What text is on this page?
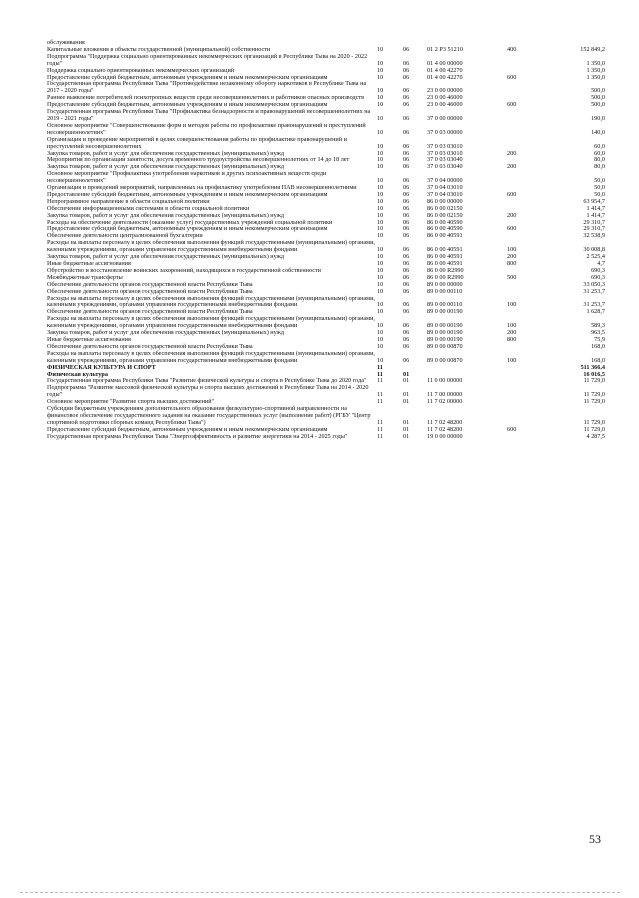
обслуживания					
Капитальные вложения в объекты государственной (муниципальной) собственности	10	06	01 2 Р3 51210	400	152 849,2
Подпрограмма "Поддержка социально ориентированных некоммерческих организаций в Республике Тыва на 2020 - 2022 годы"	10	06	01 4 00 00000		1 350,0
Поддержка социально ориентированных некоммерческих организаций	10	06	01 4 00 42270		1 350,0
Предоставление субсидий бюджетным, автономным учреждениям и иным некоммерческим организациям	10	06	01 4 00 42270	600	1 350,0
Государственная программа Республики Тыва "Противодействие незаконному обороту наркотиков в Республике Тыва на 2017 - 2020 годы"	10	06	23 0 00 00000		500,0
Раннее выявление потребителей психотропных веществ среди несовершеннолетних и работников опасных производств	10	06	23 0 00 46000		500,0
Предоставление субсидий бюджетным, автономным учреждениям и иным некоммерческим организациям	10	06	23 0 00 46000	600	500,0
Государственная программа Республики Тыва "Профилактика безнадзорности и правонарушений несовершеннолетних на 2019 - 2021 годы"	10	06	37 0 00 00000		190,0
Основное мероприятие "Совершенствование форм и методов работы по профилактике правонарушений и преступлений несовершеннолетних"	10	06	37 0 03 00000		140,0
Организация и проведение мероприятий в целях совершенствования работы по профилактике правонарушений и преступлений несовершеннолетних	10	06	37 0 03 03010		60,0
Закупка товаров, работ и услуг для обеспечения государственных (муниципальных) нужд	10	06	37 0 03 03010	200	60,0
Мероприятия по организации занятости, досуга временного трудоустройства несовершеннолетних от 14 до 18 лет	10	06	37 0 03 03040		80,0
Закупка товаров, работ и услуг для обеспечения государственных (муниципальных) нужд	10	06	37 0 03 03040	200	80,0
Основное мероприятие "Профилактика употребления наркотиков и других психоактивных веществ среди несовершеннолетних"	10	06	37 0 04 00000		50,0
Организация и проведений мероприятий, направленных на профилактику употребления ПАВ несовершеннолетними	10	06	37 0 04 03010		50,0
Предоставление субсидий бюджетным, автономным учреждениям и иным некоммерческим организациям	10	06	37 0 04 03010	600	50,0
Непрограммное направление в области социальной политики	10	06	86 0 00 00000		63 954,7
Обеспечение информационными системами в области социальной политики	10	06	86 0 00 02150		1 414,7
Закупка товаров, работ и услуг для обеспечения государственных (муниципальных) нужд	10	06	86 0 00 02150	200	1 414,7
Расходы на обеспечение деятельности (оказание услуг) государственных учреждений социальной политики	10	06	86 0 00 40590		29 310,7
Предоставление субсидий бюджетным, автономным учреждениям и иным некоммерческим организациям	10	06	86 0 00 40590	600	29 310,7
Обеспечение деятельности централизованной бухгалтерии	10	06	86 0 00 40591		32 538,9
Расходы на выплаты персоналу в целях обеспечения выполнения функций государственными (муниципальными) органами, казенными учреждениями, органами управления государственными внебюджетными фондами	10	06	86 0 00 40591	100	30 008,8
Закупка товаров, работ и услуг для обеспечения государственных (муниципальных) нужд	10	06	86 0 00 40591	200	2 525,4
Иные бюджетные ассигнования	10	06	86 0 00 40591	800	4,7
Обустройство и восстановление воинских захоронений, находящихся в государственной собственности	10	06	86 0 00 R2990		690,3
Межбюджетные трансферты	10	06	86 0 00 R2990	500	690,3
Обеспечение деятельности органов государственной власти Республики Тыва	10	06	89 0 00 00000		33 050,3
Обеспечение деятельности органов государственной власти Республики Тыва	10	06	89 0 00 00110		31 253,7
Расходы на выплаты персоналу в целях обеспечения выполнения функций государственными (муниципальными) органами, казенными учреждениями, органами управления государственными внебюджетными фондами	10	06	89 0 00 00110	100	31 253,7
Обеспечение деятельности органов государственной власти Республики Тыва	10	06	89 0 00 00190		1 628,7
Расходы на выплаты персоналу в целях обеспечения выполнения функций государственными (муниципальными) органами, казенными учреждениями, органами управления государственными внебюджетными фондами	10	06	89 0 00 00190	100	589,3
Закупка товаров, работ и услуг для обеспечения государственных (муниципальных) нужд	10	06	89 0 00 00190	200	963,5
Иные бюджетные ассигнования	10	06	89 0 00 00190	800	75,9
Обеспечение деятельности органов государственной власти Республики Тыва	10	06	89 0 00 00870		168,0
Расходы на выплаты персоналу в целях обеспечения выполнения функций государственными (муниципальными) органами, казенными учреждениями, органами управления государственными внебюджетными фондами	10	06	89 0 00 00870	100	168,0
ФИЗИЧЕСКАЯ КУЛЬТУРА И СПОРТ	11				511 366,4
Физическая культура	11	01			16 016,5
Государственная программа Республики Тыва "Развитие физической культуры и спорта в Республике Тыва до 2020 года"	11	01	11 0 00 00000		11 729,0
Подпрограмма "Развитие массовой физической культуры и спорта высших достижений в Республике Тыва на 2014 - 2020 годы"	11	01	11 7 00 00000		11 729,0
Основное мероприятие "Развитие спорта высших достижений"	11	01	11 7 02 00000		11 729,0
Субсидии бюджетным учреждениям дополнительного образования физкультурно-спортивной направленности на финансовое обеспечение государственного задания на оказание государственных услуг (выполнение работ) (РГБУ "Центр спортивной подготовки сборных команд Республики Тыва")	11	01	11 7 02 48200		11 729,0
Предоставление субсидий бюджетным, автономным учреждениям и иным некоммерческим организациям	11	01	11 7 02 48200	600	11 729,0
Государственная программа Республики Тыва "Энергоэффективность и развитие энергетики на 2014 - 2025 годы"	11	01	19 0 00 00000		4 287,5
53
